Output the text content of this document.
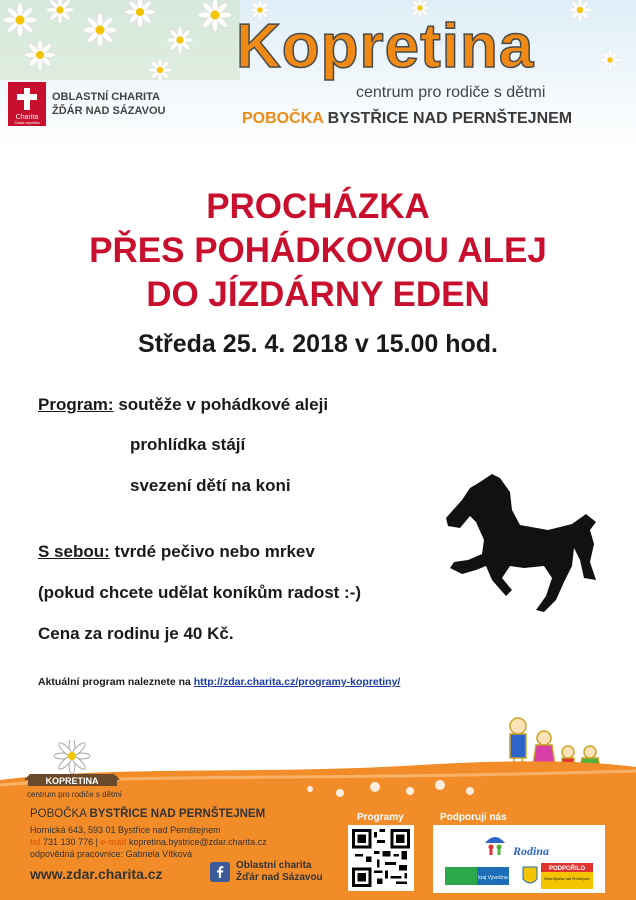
Charita
Česká republika
OBLASTNÍ CHARITA
ŽĎÁR NAD SÁZAVOU
Kopretina
centrum pro rodiče s dětmi
POBOČKA BYSTŘICE NAD PERNŠTEJNEM
PROCHÁZKA
PŘES POHÁDKOVOU ALEJ
DO JÍZDÁRNY EDEN
Středa 25. 4. 2018 v 15.00 hod.
Program: soutěže v pohádkové aleji
prohlídka stájí
svezení dětí na koni
S sebou: tvrdé pečivo nebo mrkev
(pokud chcete udělat koníkům radost :-)
Cena za rodinu je 40 Kč.
Aktuální program naleznete na http://zdar.charita.cz/programy-kopretiny/
KOPRETINA
centrum pro rodiče s dětmi
POBOČKA BYSTŘICE NAD PERNŠTEJNEM
Hornická 643, 593 01 Bystřice nad Pernštejnem
tel 731 130 776 | e-mail kopretina.bystrice@zdar.charita.cz
odpovědná pracovnice: Gabriela Vítková
www.zdar.charita.cz
Oblastní charita
Žďár nad Sázavou
Programy	Podporují nás
Rodina
kraj Vysočina
PODPOŘILO
Město Bystřice nad Pernštejnem
